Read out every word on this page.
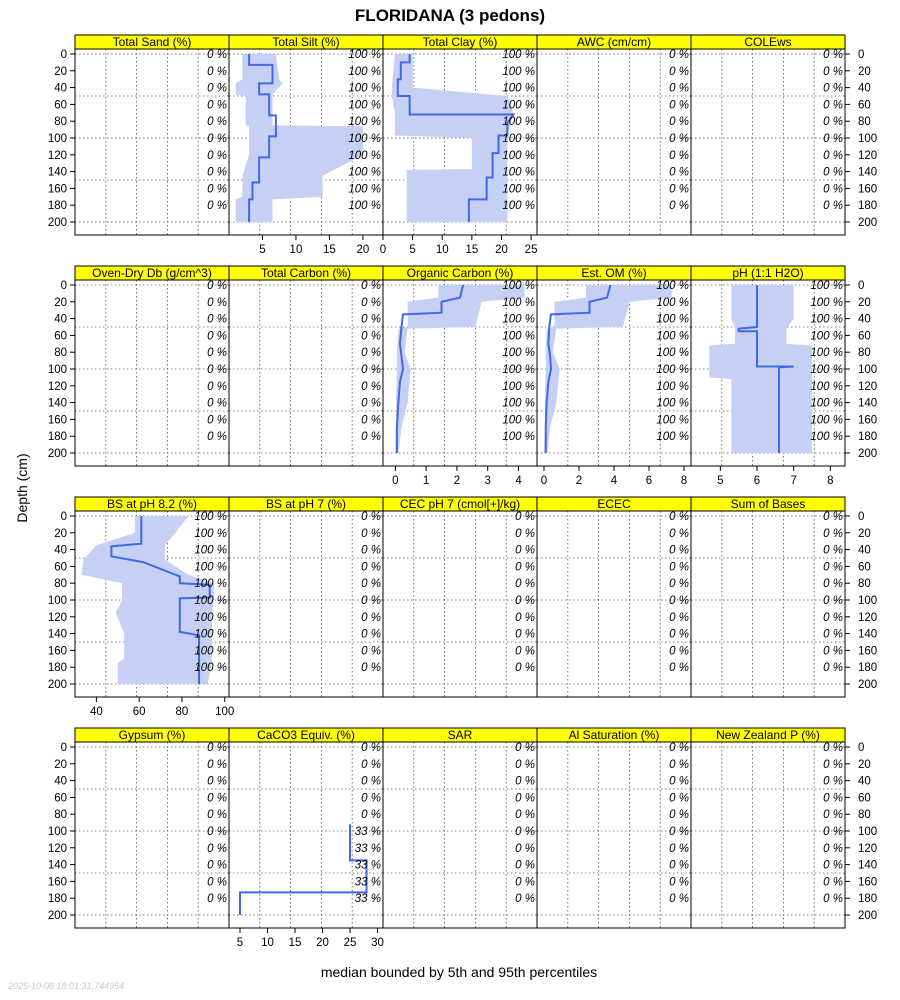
FLORIDANA (3 pedons)
Depth (cm)
median bounded by 5th and 95th percentiles
2025-10-08 18:01:31.744954
Total Sand (%)
0 %
0 %
0 %
0 %
0 %
0 %
0 %
0 %
0 %
0 %
Total Silt (%)
100 %
100 %
100 %
100 %
100 %
100 %
100 %
100 %
100 %
100 %
5 10 15 20
Total Clay (%)
100 %
100 %
100 %
100 %
100 %
100 %
100 %
100 %
100 %
100 %
0 5 10 15 20 25
AWC (cm/cm)
0 %
0 %
0 %
0 %
0 %
0 %
0 %
0 %
0 %
0 %
COLEws
0 %
0 %
0 %
0 %
0 %
0 %
0 %
0 %
0 %
0 %
Oven-Dry Db (g/cm^3)
0 %
0 %
0 %
0 %
0 %
0 %
0 %
0 %
0 %
0 %
Total Carbon (%)
0 %
0 %
0 %
0 %
0 %
0 %
0 %
0 %
0 %
0 %
Organic Carbon (%)
100 %
100 %
100 %
100 %
100 %
100 %
100 %
100 %
100 %
100 %
0 1 2 3 4
Est. OM (%)
100 %
100 %
100 %
100 %
100 %
100 %
100 %
100 %
100 %
100 %
0 2 4 6 8
pH (1:1 H2O)
100 %
100 %
100 %
100 %
100 %
100 %
100 %
100 %
100 %
100 %
5	6	7	8
BS at pH 8.2 (%)
100 %
100 %
100 %
100 %
100 %
100 %
100 %
100 %
100 %
100 %
40	60	80 100
BS at pH 7 (%)
0 %
0 %
0 %
0 %
0 %
0 %
0 %
0 %
0 %
0 %
CEC pH 7 (cmol[+]/kg)
0 %
0 %
0 %
0 %
0 %
0 %
0 %
0 %
0 %
0 %
ECEC
0 %
0 %
0 %
0 %
0 %
0 %
0 %
0 %
0 %
0 %
Sum of Bases
0 %
0 %
0 %
0 %
0 %
0 %
0 %
0 %
0 %
0 %
Gypsum (%)
0 %
0 %
0 %
0 %
0 %
0 %
0 %
0 %
0 %
0 %
CaCO3 Equiv. (%)
0 %
0 %
0 %
0 %
0 %
33 %
33 %
33 %
33 %
33 %
5 10 15 20 25 30
SAR
0 %
0 %
0 %
0 %
0 %
0 %
0 %
0 %
0 %
0 %
Al Saturation (%)
0 %
0 %
0 %
0 %
0 %
0 %
0 %
0 %
0 %
0 %
New Zealand P (%)
0 %
0 %
0 %
0 %
0 %
0 %
0 %
0 %
0 %
0 %
0	0
20	20
40	40
60	60
80	80
100	100
120	120
140	140
160	160
180	180
200	200
0	0
20	20
40	40
60	60
80	80
100	100
120	120
140	140
160	160
180	180
200	200
0	0
20	20
40	40
60	60
80	80
100	100
120	120
140	140
160	160
180	180
200	200
0	0
20	20
40	40
60	60
80	80
100	100
120	120
140	140
160	160
180	180
200	200
